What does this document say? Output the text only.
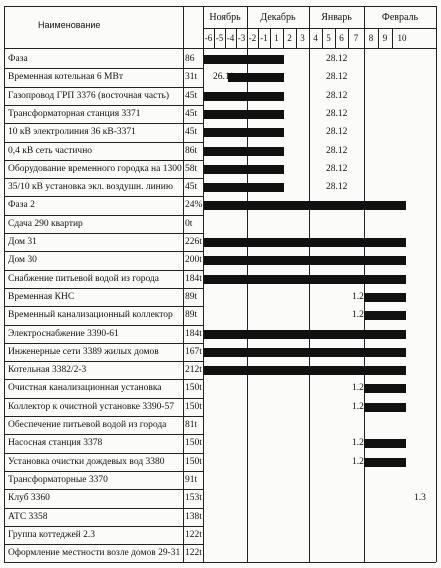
Наименование
Ноябрь	Декабрь	Январь	Февраль
-6 -5 -4 -3 -2 -1 1 2 3 4 5 6	7	8	9	10
Фаза	86	28.12
Временная котельная 6 МВт	31t 26.11	28.12
Газопровод ГРП 3376 (восточная часть) 45t	28.12
Трансформаторная станция 3371	45t	28.12
10 кВ электролиния 36 кВ-3371	45t	28.12
0,4 кВ сеть частично	86t	28.12
Оборудование временного городка на 1300 58t	28.12
35/10 кВ установка экл. воздушн. линию 45t	28.12
Фаза 2	24%
Сдача 290 квартир	0t
Дом 31	226t
Дом 30	200t
Снабжение питьевой водой из города	184t
Временная КНС	89t	1.2
Временный канализационный коллектор 89t	1.2
Электроснабжение 3390-61	184t
Инженерные сети 3389 жилых домов	167t
Котельная 3382/2-3	212t
Очистная канализационная установка 150t	1.2
Коллектор к очистной установке 3390-57 150t	1.2
Обеспечение питьевой водой из города 81t
Насосная станция 3378	150t	1.2
Установка очистки дождевых вод 3380 150t	1.2
Трансформаторные 3370	91t
Клуб 3360	153t	1.3
АТС 3358	138t
Группа коттеджей 2.3	122t
Оформление местности возле домов 29-31 122t
